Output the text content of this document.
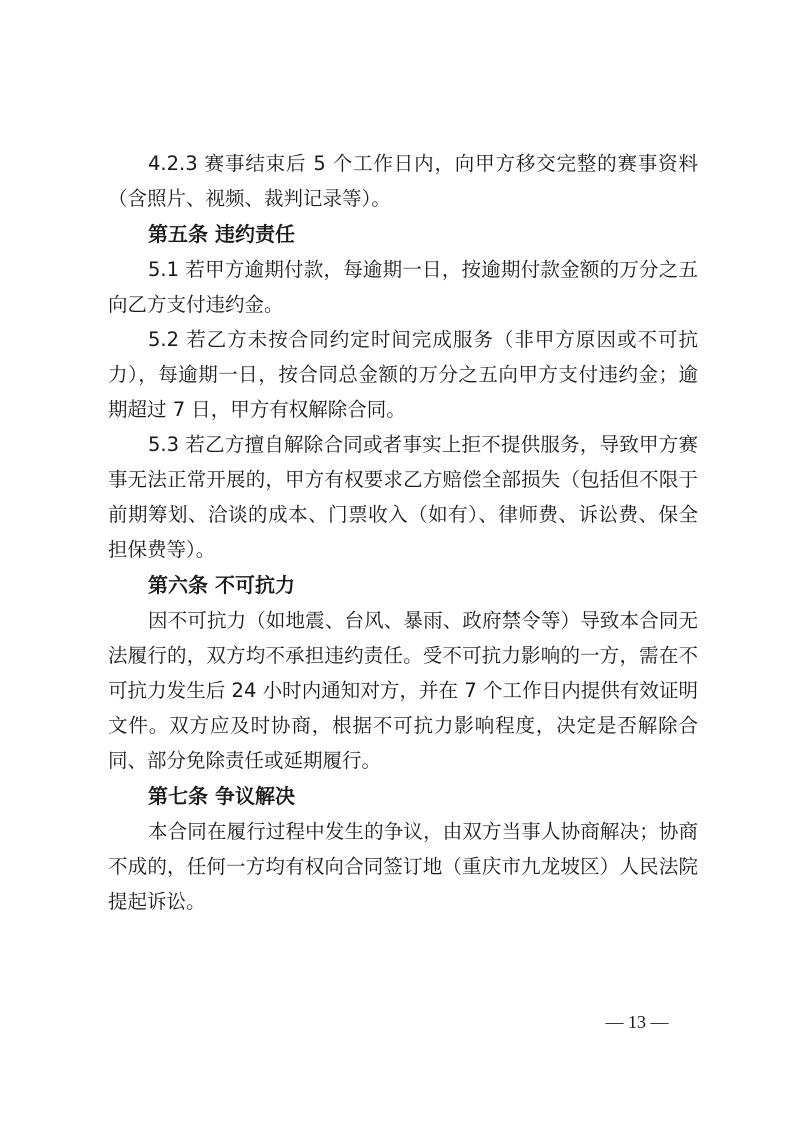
4.2.3 赛事结束后 5 个工作日内，向甲方移交完整的赛事资料（含照片、视频、裁判记录等）。

第五条 违约责任

5.1 若甲方逾期付款，每逾期一日，按逾期付款金额的万分之五向乙方支付违约金。

5.2 若乙方未按合同约定时间完成服务（非甲方原因或不可抗力），每逾期一日，按合同总金额的万分之五向甲方支付违约金；逾期超过 7 日，甲方有权解除合同。

5.3 若乙方擅自解除合同或者事实上拒不提供服务，导致甲方赛事无法正常开展的，甲方有权要求乙方赔偿全部损失（包括但不限于前期筹划、洽谈的成本、门票收入（如有）、律师费、诉讼费、保全担保费等）。

第六条 不可抗力

因不可抗力（如地震、台风、暴雨、政府禁令等）导致本合同无法履行的，双方均不承担违约责任。受不可抗力影响的一方，需在不可抗力发生后 24 小时内通知对方，并在 7 个工作日内提供有效证明文件。双方应及时协商，根据不可抗力影响程度，决定是否解除合同、部分免除责任或延期履行。

第七条 争议解决

本合同在履行过程中发生的争议，由双方当事人协商解决；协商不成的，任何一方均有权向合同签订地（重庆市九龙坡区）人民法院提起诉讼。

— 13 —
